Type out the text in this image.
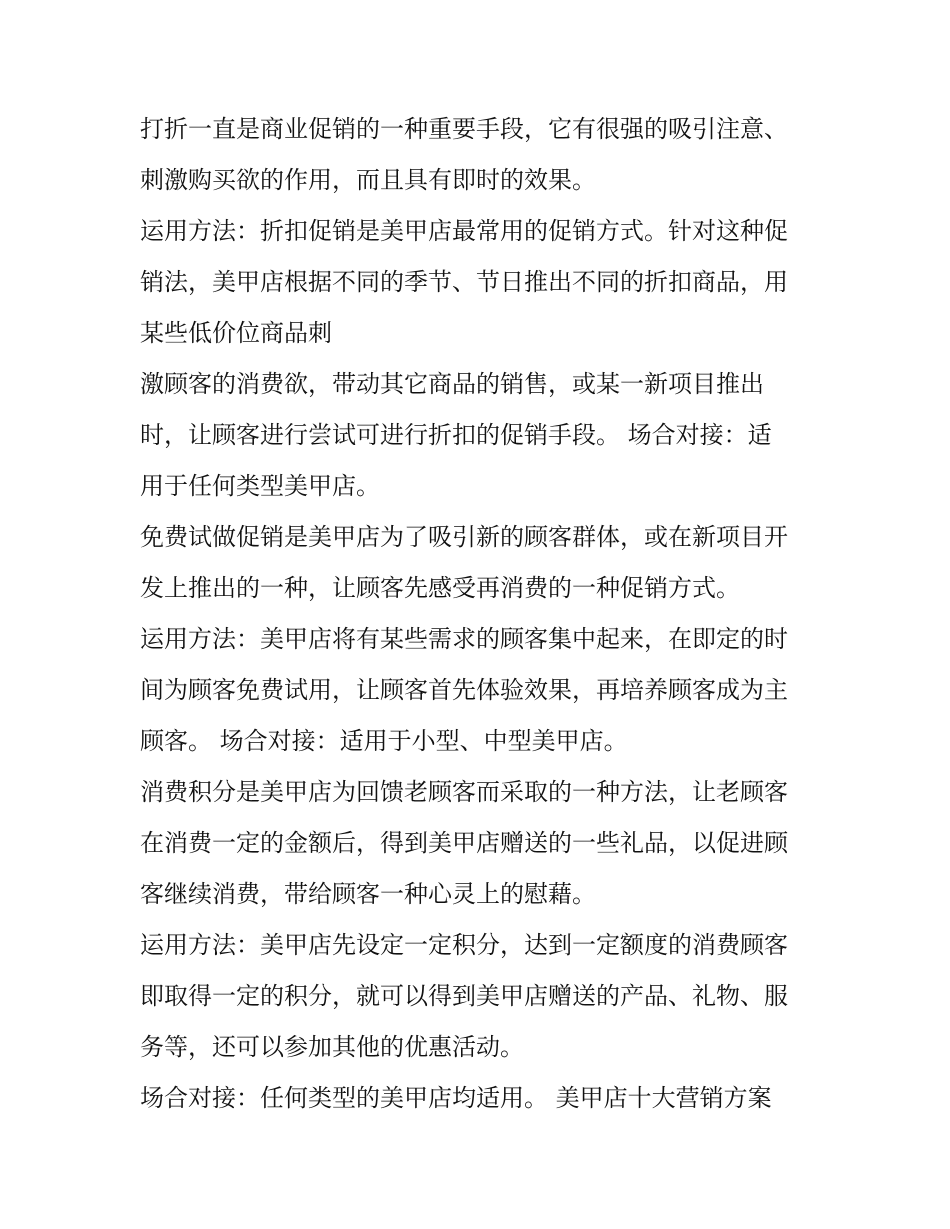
打折一直是商业促销的一种重要手段，它有很强的吸引注意、
刺激购买欲的作用，而且具有即时的效果。
运用方法：折扣促销是美甲店最常用的促销方式。针对这种促
销法，美甲店根据不同的季节、节日推出不同的折扣商品，用
某些低价位商品刺
激顾客的消费欲，带动其它商品的销售，或某一新项目推出
时，让顾客进行尝试可进行折扣的促销手段。 场合对接：适
用于任何类型美甲店。
免费试做促销是美甲店为了吸引新的顾客群体，或在新项目开
发上推出的一种，让顾客先感受再消费的一种促销方式。
运用方法：美甲店将有某些需求的顾客集中起来，在即定的时
间为顾客免费试用，让顾客首先体验效果，再培养顾客成为主
顾客。 场合对接：适用于小型、中型美甲店。
消费积分是美甲店为回馈老顾客而采取的一种方法，让老顾客
在消费一定的金额后，得到美甲店赠送的一些礼品，以促进顾
客继续消费，带给顾客一种心灵上的慰藉。
运用方法：美甲店先设定一定积分，达到一定额度的消费顾客
即取得一定的积分，就可以得到美甲店赠送的产品、礼物、服
务等，还可以参加其他的优惠活动。
场合对接：任何类型的美甲店均适用。 美甲店十大营销方案
